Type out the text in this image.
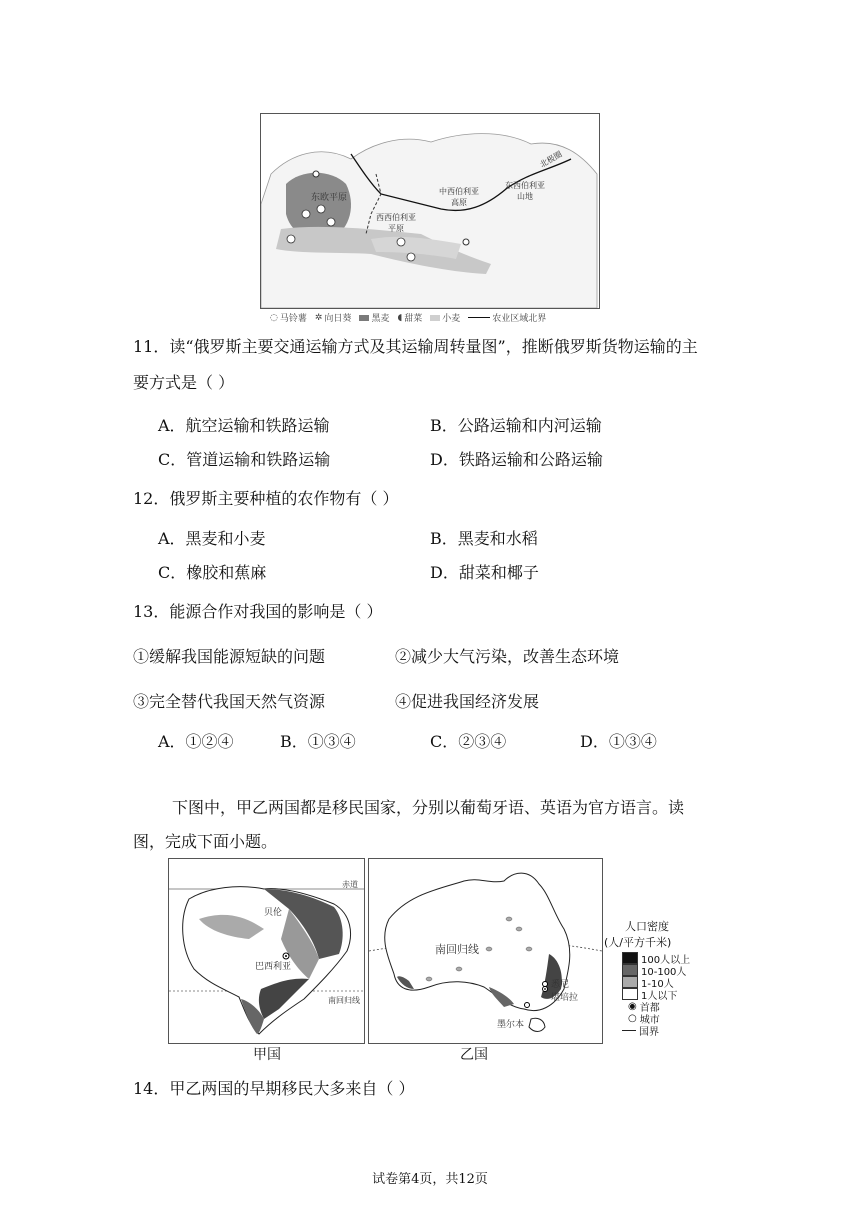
东欧平原
西西伯利亚
平原
中西伯利亚
高原
东西伯利亚
山地
北极圈
◌ 马铃薯 ✲ 向日葵 黑麦 ◖ 甜菜 小麦	农业区域北界
11．读“俄罗斯主要交通运输方式及其运输周转量图”，推断俄罗斯货物运输的主
要方式是（ ）
A．航空运输和铁路运输	B．公路运输和内河运输
C．管道运输和铁路运输	D．铁路运输和公路运输
12．俄罗斯主要种植的农作物有（ ）
A．黑麦和小麦	B．黑麦和水稻
C．橡胶和蕉麻	D．甜菜和椰子
13．能源合作对我国的影响是（ ）
①缓解我国能源短缺的问题	②减少大气污染，改善生态环境
③完全替代我国天然气资源	④促进我国经济发展
A．①②④	B．①③④	C．②③④	D．①③④
下图中，甲乙两国都是移民国家，分别以葡萄牙语、英语为官方语言。读
图，完成下面小题。
赤道
贝伦
巴西利亚
南回归线
甲国
南回归线
悉尼
堪培拉
墨尔本
乙国
人口密度
(人/平方千米)
100人以上
10-100人
1-10人
1人以下
◉ 首都
○ 城市
国界
14．甲乙两国的早期移民大多来自（ ）
试卷第4页，共12页
